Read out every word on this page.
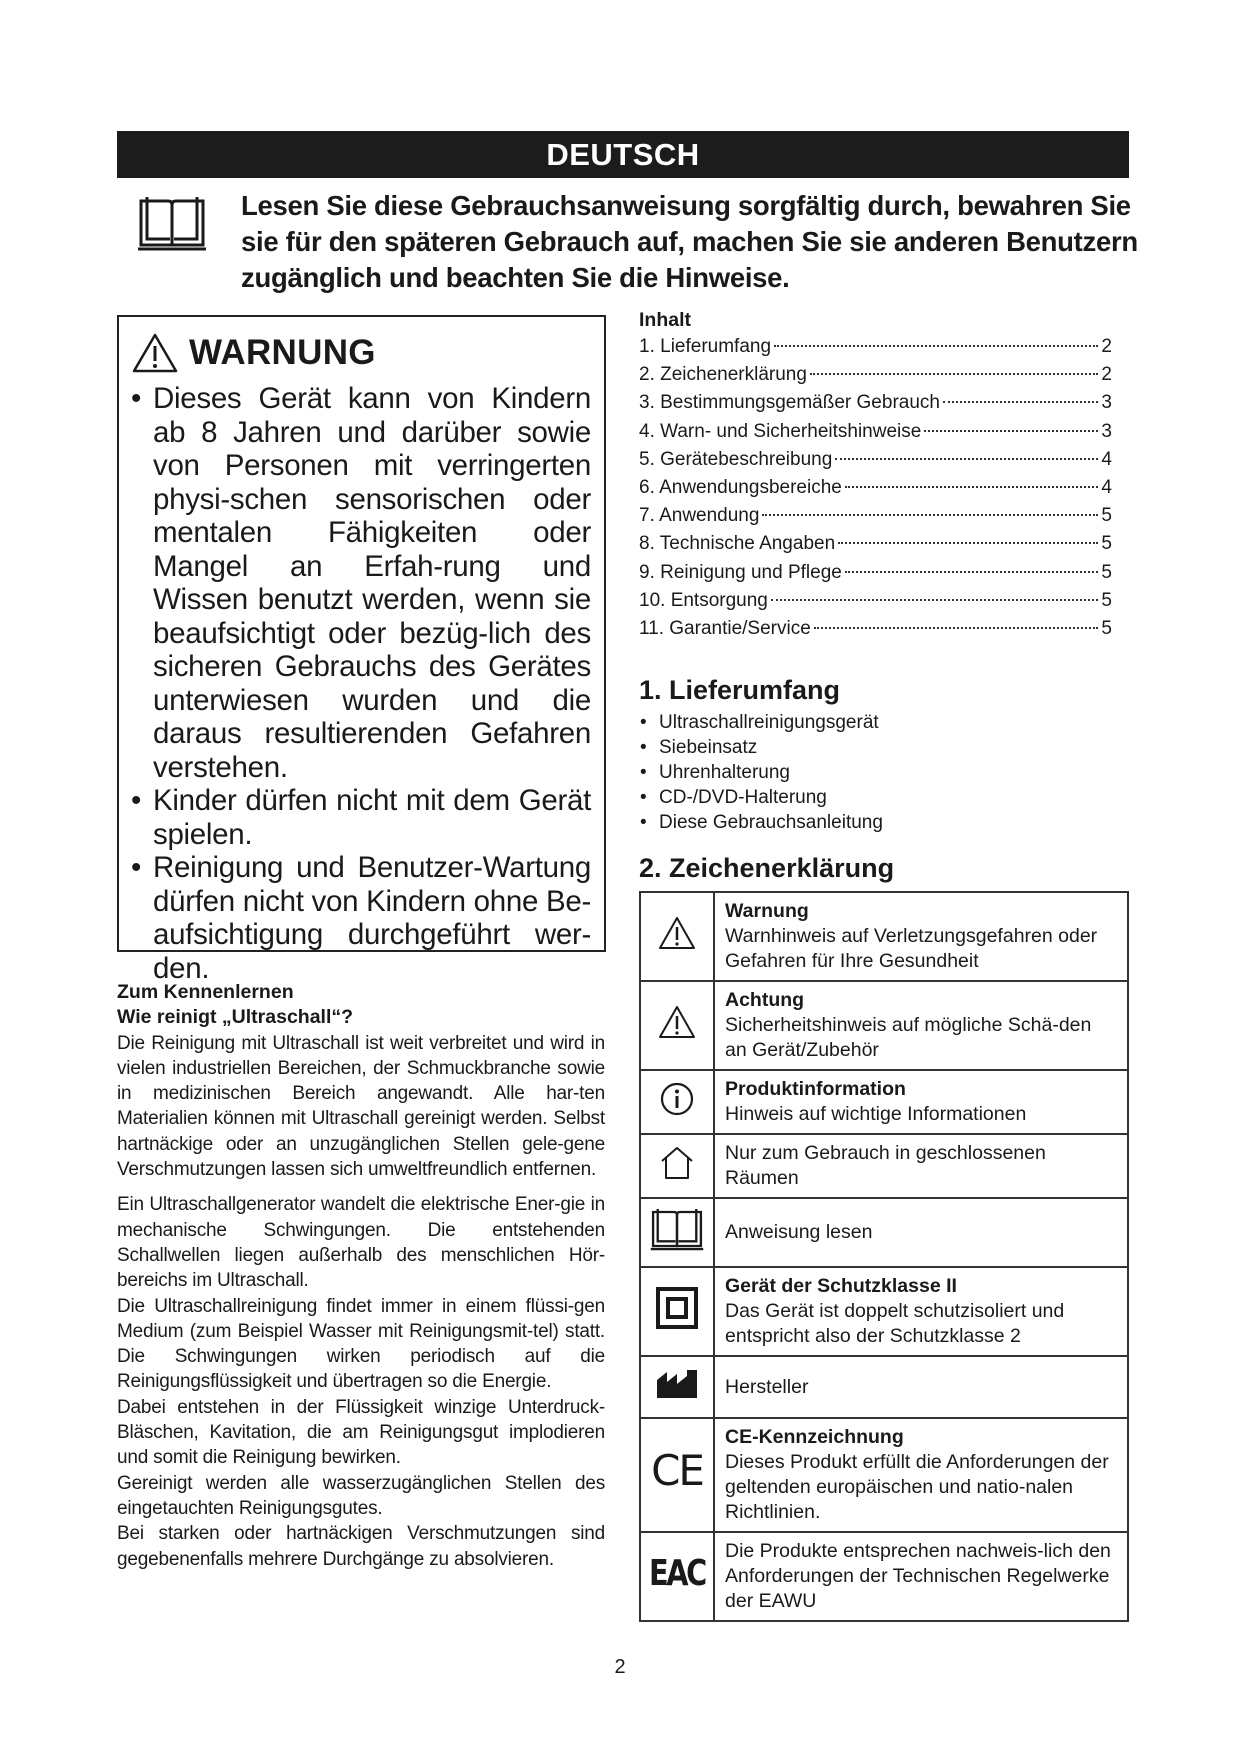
DEUTSCH
Lesen Sie diese Gebrauchsanweisung sorgfältig durch, bewahren Sie sie für den späteren Gebrauch auf, machen Sie sie anderen Benutzern zugänglich und beachten Sie die Hinweise.
WARNUNG
• Dieses Gerät kann von Kindern ab 8 Jahren und darüber sowie von Personen mit verringerten physi-schen sensorischen oder mentalen Fähigkeiten oder Mangel an Erfah-rung und Wissen benutzt werden, wenn sie beaufsichtigt oder bezüg-lich des sicheren Gebrauchs des Gerätes unterwiesen wurden und die daraus resultierenden Gefahren verstehen.
• Kinder dürfen nicht mit dem Gerät spielen.
• Reinigung und Benutzer-Wartung dürfen nicht von Kindern ohne Be-aufsichtigung durchgeführt wer-den.
Zum Kennenlernen
Wie reinigt „Ultraschall“?

Die Reinigung mit Ultraschall ist weit verbreitet und wird in vielen industriellen Bereichen, der Schmuckbranche sowie in medizinischen Bereich angewandt. Alle har-ten Materialien können mit Ultraschall gereinigt werden. Selbst hartnäckige oder an unzugänglichen Stellen gele-gene Verschmutzungen lassen sich umweltfreundlich entfernen.

Ein Ultraschallgenerator wandelt die elektrische Ener-gie in mechanische Schwingungen. Die entstehenden Schallwellen liegen außerhalb des menschlichen Hör-bereichs im Ultraschall.

Die Ultraschallreinigung findet immer in einem flüssi-gen Medium (zum Beispiel Wasser mit Reinigungsmit-tel) statt. Die Schwingungen wirken periodisch auf die Reinigungsflüssigkeit und übertragen so die Energie.

Dabei entstehen in der Flüssigkeit winzige Unterdruck-Bläschen, Kavitation, die am Reinigungsgut implodieren und somit die Reinigung bewirken.

Gereinigt werden alle wasserzugänglichen Stellen des eingetauchten Reinigungsgutes.

Bei starken oder hartnäckigen Verschmutzungen sind gegebenenfalls mehrere Durchgänge zu absolvieren.

Inhalt
1. Lieferumfang	2
2. Zeichenerklärung	2
3. Bestimmungsgemäßer Gebrauch	3
4. Warn- und Sicherheitshinweise	3
5. Gerätebeschreibung	4
6. Anwendungsbereiche	4
7. Anwendung	5
8. Technische Angaben	5
9. Reinigung und Pflege	5
10. Entsorgung	5
11. Garantie/Service	5
1. Lieferumfang
• Ultraschallreinigungsgerät
• Siebeinsatz
• Uhrenhalterung
• CD-/DVD-Halterung
• Diese Gebrauchsanleitung
2. Zeichenerklärung

Warnung
Warnhinweis auf Verletzungsgefahren oder Gefahren für Ihre Gesundheit

Achtung
Sicherheitshinweis auf mögliche Schä-den an Gerät/Zubehör

Produktinformation
Hinweis auf wichtige Informationen

Nur zum Gebrauch in geschlossenen Räumen

Anweisung lesen

Gerät der Schutzklasse II
Das Gerät ist doppelt schutzisoliert und entspricht also der Schutzklasse 2

Hersteller

CE	CE-Kennzeichnung
Dieses Produkt erfüllt die Anforderungen der geltenden europäischen und natio-nalen Richtlinien.

EAC	Die Produkte entsprechen nachweis-lich den Anforderungen der Technischen Regelwerke der EAWU
2
